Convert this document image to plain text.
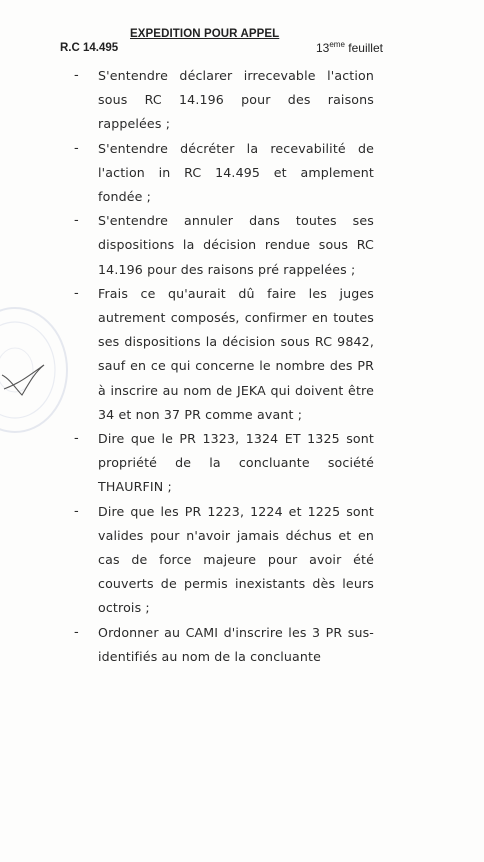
EXPEDITION POUR APPEL
R.C 14.495	13eme feuillet
- S'entendre déclarer irrecevable l'action sous RC 14.196 pour des raisons rappelées ;
- S'entendre décréter la recevabilité de l'action in RC 14.495 et amplement fondée ;
- S'entendre annuler dans toutes ses dispositions la décision rendue sous RC 14.196 pour des raisons pré rappelées ;
- Frais ce qu'aurait dû faire les juges autrement composés, confirmer en toutes ses dispositions la décision sous RC 9842, sauf en ce qui concerne le nombre des PR à inscrire au nom de JEKA qui doivent être 34 et non 37 PR comme avant ;
- Dire que le PR 1323, 1324 ET 1325 sont propriété de la concluante société THAURFIN ;
- Dire que les PR 1223, 1224 et 1225 sont valides pour n'avoir jamais déchus et en cas de force majeure pour avoir été couverts de permis inexistants dès leurs octrois ;
- Ordonner au CAMI d'inscrire les 3 PR sus-identifiés au nom de la concluante
